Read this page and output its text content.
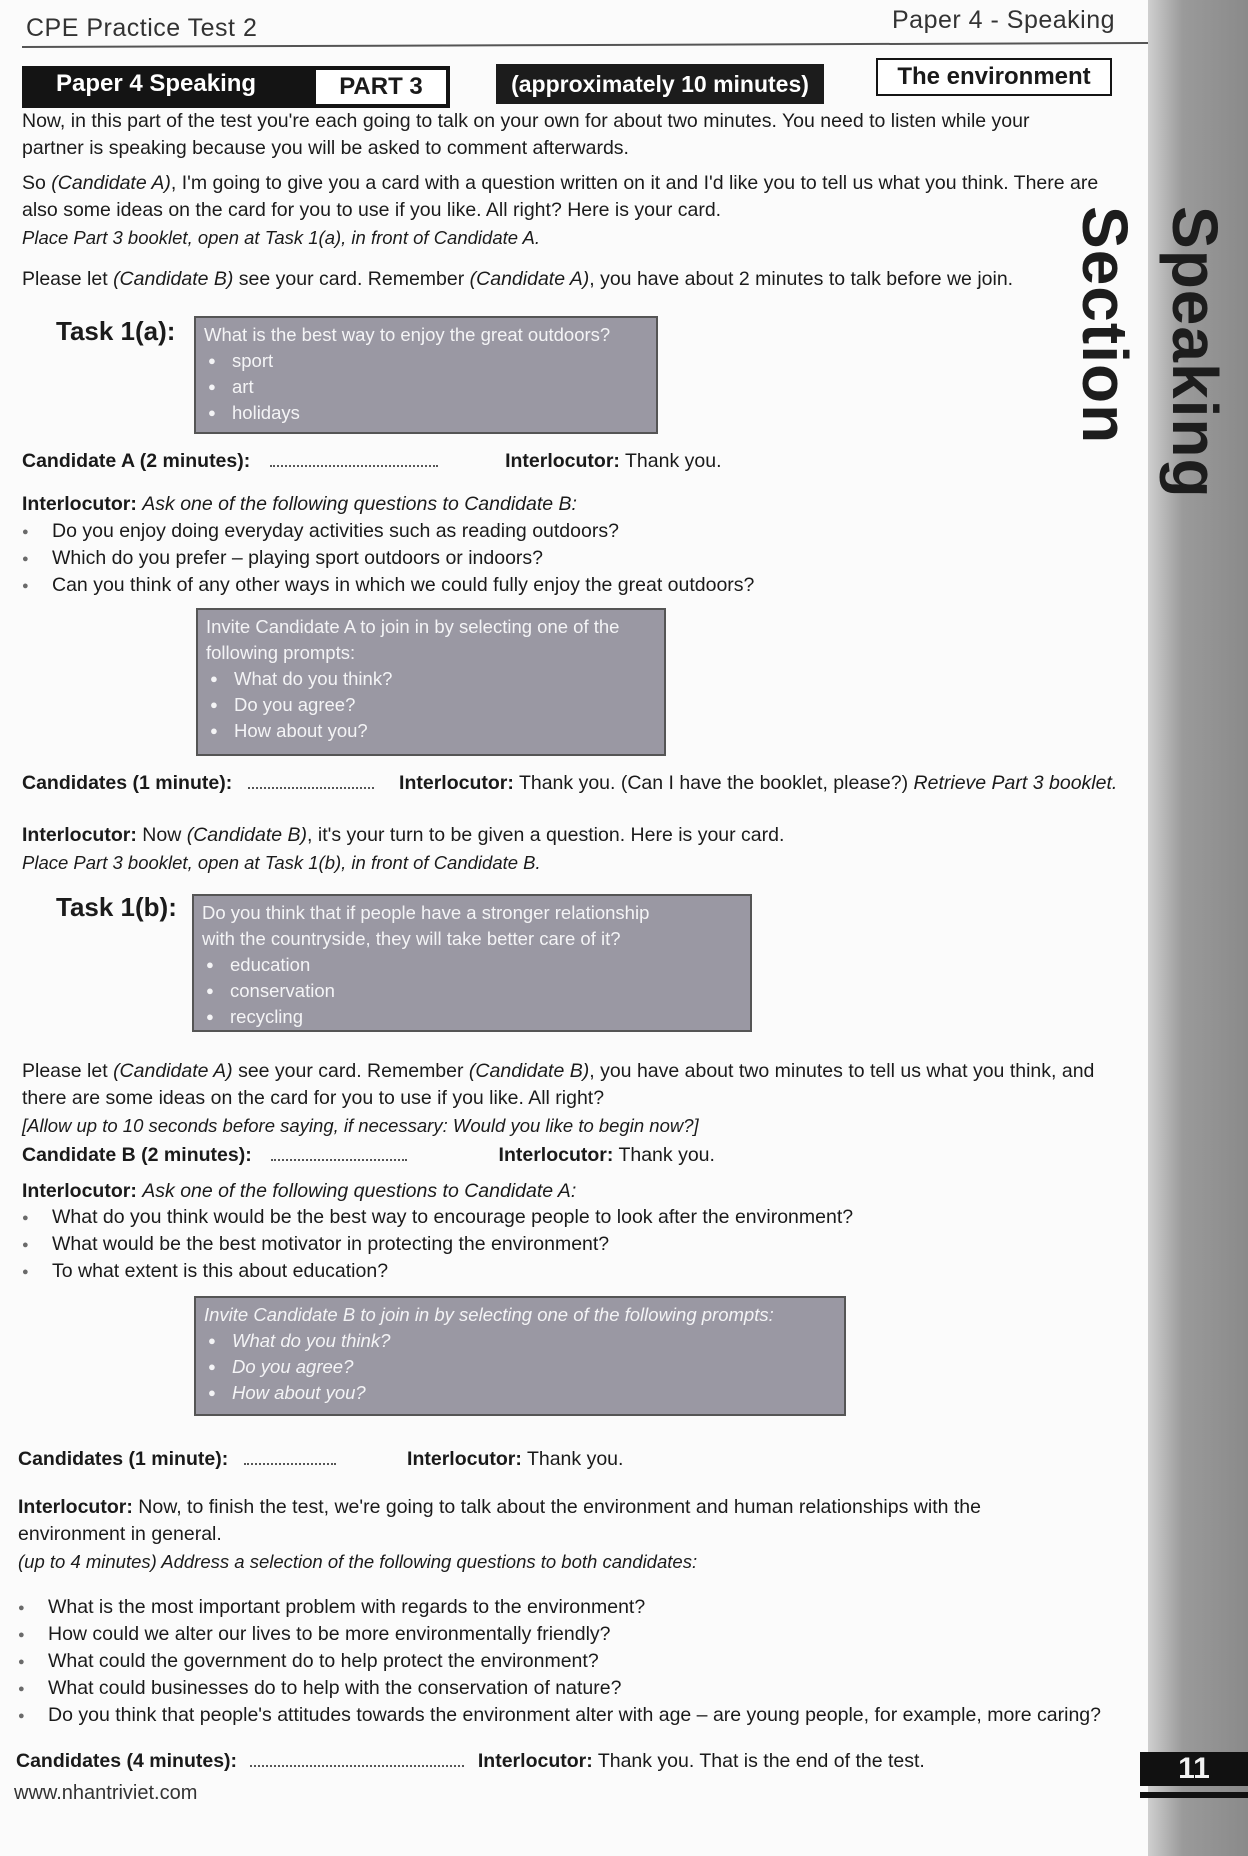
Speaking Section
11
CPE Practice Test 2	Paper 4 - Speaking
Paper 4 Speaking	PART 3	(approximately 10 minutes)	The environment
Now, in this part of the test you're each going to talk on your own for about two minutes. You need to listen while your
partner is speaking because you will be asked to comment afterwards.
So (Candidate A), I'm going to give you a card with a question written on it and I'd like you to tell us what you think. There are
also some ideas on the card for you to use if you like. All right? Here is your card.
Place Part 3 booklet, open at Task 1(a), in front of Candidate A.
Please let (Candidate B) see your card. Remember (Candidate A), you have about 2 minutes to talk before we join.
Task 1(a): What is the best way to enjoy the great outdoors?
● sport
● art
● holidays
Candidate A (2 minutes):	Interlocutor: Thank you.
Interlocutor: Ask one of the following questions to Candidate B:
● Do you enjoy doing everyday activities such as reading outdoors?
● Which do you prefer – playing sport outdoors or indoors?
● Can you think of any other ways in which we could fully enjoy the great outdoors?
Invite Candidate A to join in by selecting one of the
following prompts:
● What do you think?
● Do you agree?
● How about you?
Candidates (1 minute):	Interlocutor: Thank you. (Can I have the booklet, please?) Retrieve Part 3 booklet.
Interlocutor: Now (Candidate B), it's your turn to be given a question. Here is your card.
Place Part 3 booklet, open at Task 1(b), in front of Candidate B.
Task 1(b): Do you think that if people have a stronger relationship
with the countryside, they will take better care of it?
● education
● conservation
● recycling
Please let (Candidate A) see your card. Remember (Candidate B), you have about two minutes to tell us what you think, and
there are some ideas on the card for you to use if you like. All right?
[Allow up to 10 seconds before saying, if necessary: Would you like to begin now?]
Candidate B (2 minutes):	Interlocutor: Thank you.
Interlocutor: Ask one of the following questions to Candidate A:
● What do you think would be the best way to encourage people to look after the environment?
● What would be the best motivator in protecting the environment?
● To what extent is this about education?
Invite Candidate B to join in by selecting one of the following prompts:
● What do you think?
● Do you agree?
● How about you?
Candidates (1 minute):	Interlocutor: Thank you.
Interlocutor: Now, to finish the test, we're going to talk about the environment and human relationships with the
environment in general.
(up to 4 minutes) Address a selection of the following questions to both candidates:
● What is the most important problem with regards to the environment?
● How could we alter our lives to be more environmentally friendly?
● What could the government do to help protect the environment?
● What could businesses do to help with the conservation of nature?
● Do you think that people's attitudes towards the environment alter with age – are young people, for example, more caring?
Candidates (4 minutes):	Interlocutor: Thank you. That is the end of the test.
www.nhantriviet.com
